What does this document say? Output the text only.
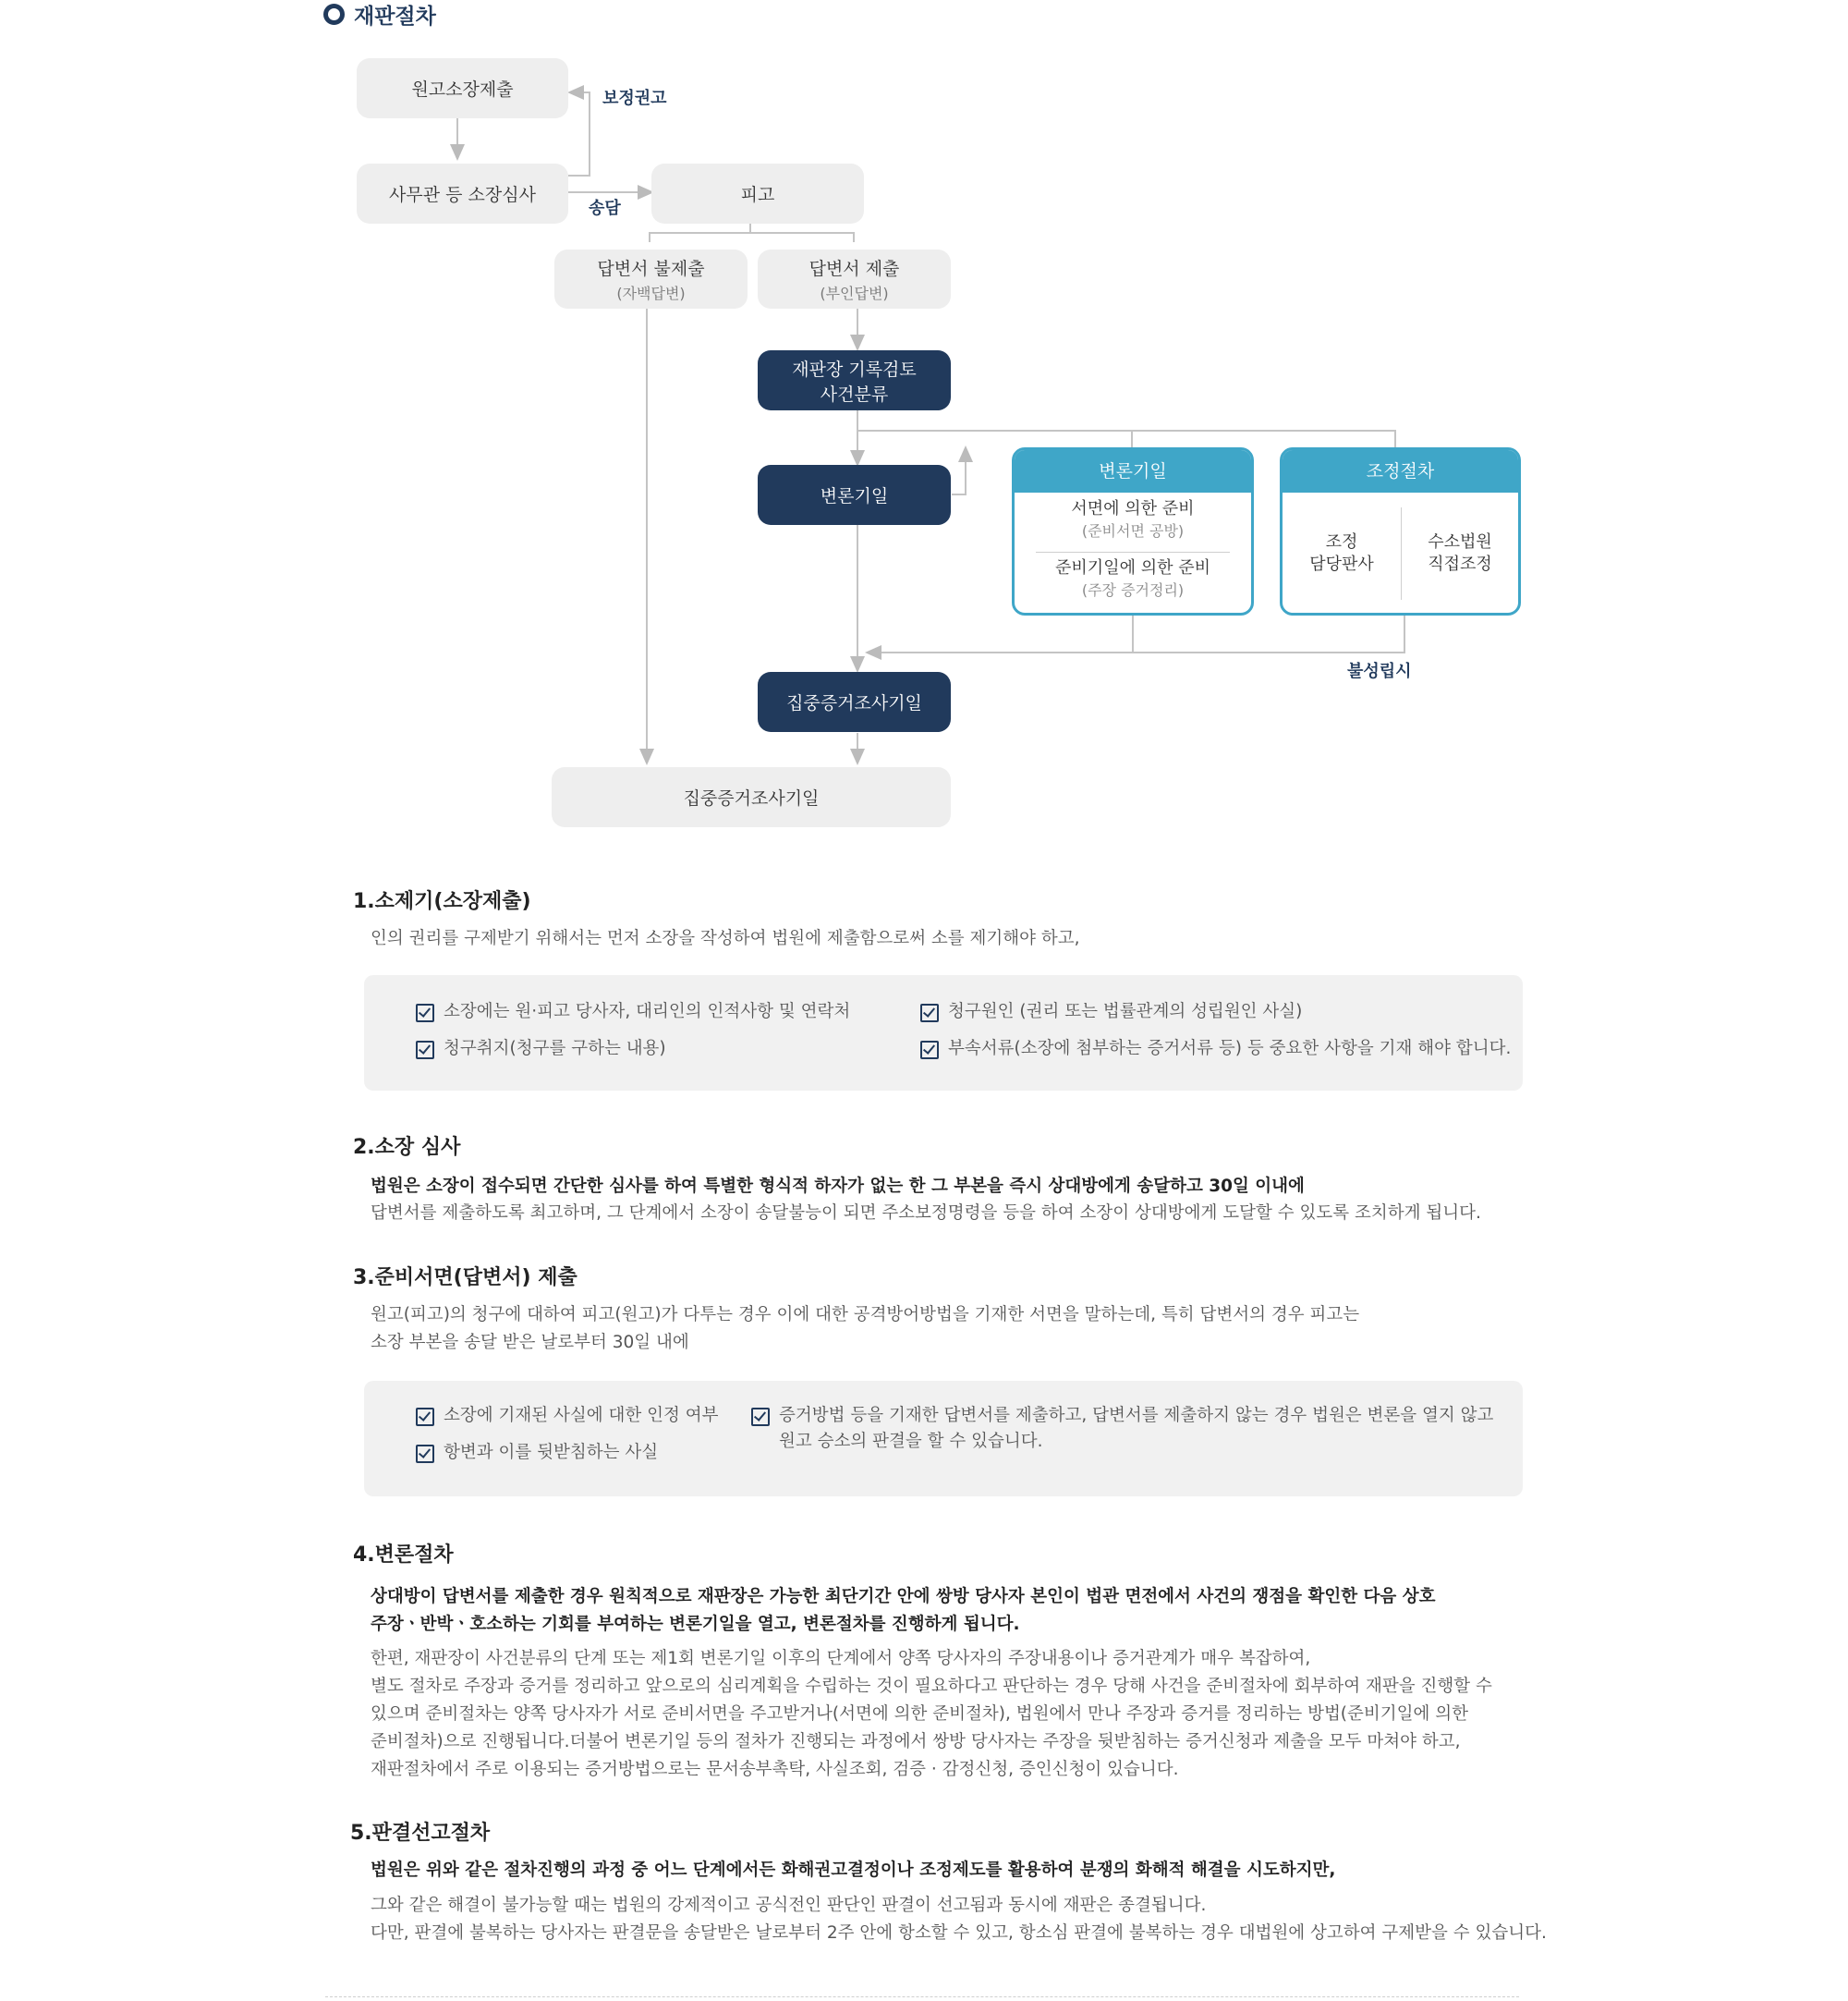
재판절차
원고소장제출
사무관 등 소장심사	피고
답변서 불제출
(자백답변)
답변서 제출
(부인답변)
재판장 기록검토
사건분류
변론기일
집중증거조사기일
집중증거조사기일
보정권고
송담
불성립시
변론기일
서면에 의한 준비
(준비서면 공방)
준비기일에 의한 준비
(주장 증거정리)
조정절차
조정
담당판사
수소법원
직접조정
1.소제기(소장제출)
인의 권리를 구제받기 위해서는 먼저 소장을 작성하여 법원에 제출함으로써 소를 제기해야 하고,
소장에는 원·피고 당사자, 대리인의 인적사항 및 연락처
청구취지(청구를 구하는 내용)
청구원인 (권리 또는 법률관계의 성립원인 사실)
부속서류(소장에 첨부하는 증거서류 등) 등 중요한 사항을 기재 해야 합니다.
2.소장 심사
법원은 소장이 접수되면 간단한 심사를 하여 특별한 형식적 하자가 없는 한 그 부본을 즉시 상대방에게 송달하고 30일 이내에
답변서를 제출하도록 최고하며, 그 단계에서 소장이 송달불능이 되면 주소보정명령을 등을 하여 소장이 상대방에게 도달할 수 있도록 조치하게 됩니다.
3.준비서면(답변서) 제출
원고(피고)의 청구에 대하여 피고(원고)가 다투는 경우 이에 대한 공격방어방법을 기재한 서면을 말하는데, 특히 답변서의 경우 피고는
소장 부본을 송달 받은 날로부터 30일 내에
소장에 기재된 사실에 대한 인정 여부
항변과 이를 뒷받침하는 사실
증거방법 등을 기재한 답변서를 제출하고, 답변서를 제출하지 않는 경우 법원은 변론을 열지 않고
원고 승소의 판결을 할 수 있습니다.
4.변론절차
상대방이 답변서를 제출한 경우 원칙적으로 재판장은 가능한 최단기간 안에 쌍방 당사자 본인이 법관 면전에서 사건의 쟁점을 확인한 다음 상호
주장ㆍ반박ㆍ호소하는 기회를 부여하는 변론기일을 열고, 변론절차를 진행하게 됩니다.
한편, 재판장이 사건분류의 단계 또는 제1회 변론기일 이후의 단계에서 양쪽 당사자의 주장내용이나 증거관계가 매우 복잡하여,
별도 절차로 주장과 증거를 정리하고 앞으로의 심리계획을 수립하는 것이 필요하다고 판단하는 경우 당해 사건을 준비절차에 회부하여 재판을 진행할 수
있으며 준비절차는 양쪽 당사자가 서로 준비서면을 주고받거나(서면에 의한 준비절차), 법원에서 만나 주장과 증거를 정리하는 방법(준비기일에 의한
준비절차)으로 진행됩니다.더불어 변론기일 등의 절차가 진행되는 과정에서 쌍방 당사자는 주장을 뒷받침하는 증거신청과 제출을 모두 마쳐야 하고,
재판절차에서 주로 이용되는 증거방법으로는 문서송부촉탁, 사실조회, 검증 · 감정신청, 증인신청이 있습니다.
5.판결선고절차
법원은 위와 같은 절차진행의 과정 중 어느 단계에서든 화해권고결정이나 조정제도를 활용하여 분쟁의 화해적 해결을 시도하지만,
그와 같은 해결이 불가능할 때는 법원의 강제적이고 공식전인 판단인 판결이 선고됨과 동시에 재판은 종결됩니다.
다만, 판결에 불복하는 당사자는 판결문을 송달받은 날로부터 2주 안에 항소할 수 있고, 항소심 판결에 불복하는 경우 대법원에 상고하여 구제받을 수 있습니다.
